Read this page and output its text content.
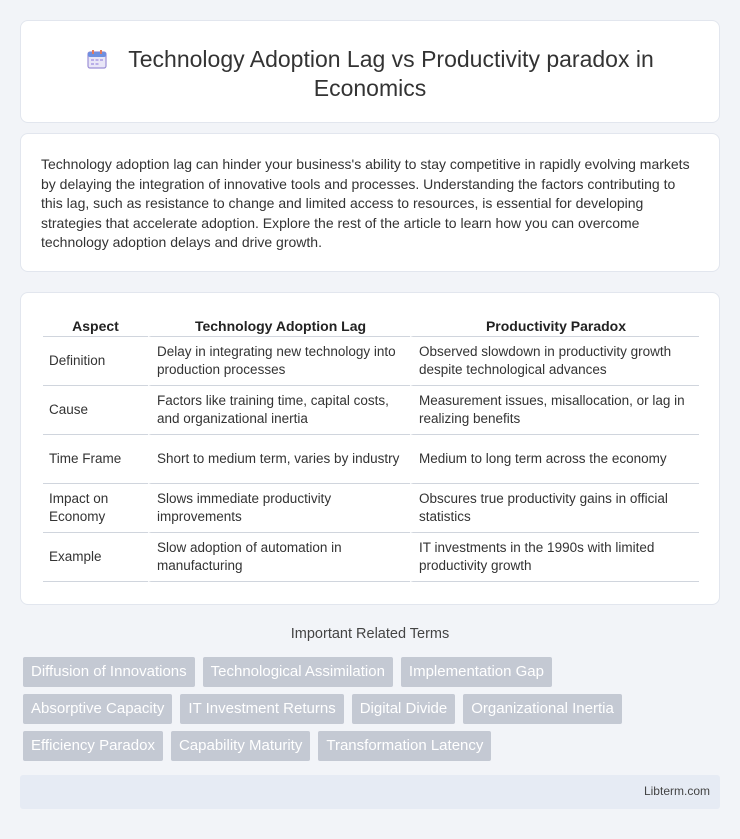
Technology Adoption Lag vs Productivity paradox in Economics

Technology adoption lag can hinder your business's ability to stay competitive in rapidly evolving markets by delaying the integration of innovative tools and processes. Understanding the factors contributing to this lag, such as resistance to change and limited access to resources, is essential for developing strategies that accelerate adoption. Explore the rest of the article to learn how you can overcome technology adoption delays and drive growth.

Aspect	Technology Adoption Lag	Productivity Paradox
Definition	Delay in integrating new technology into production processes	Observed slowdown in productivity growth despite technological advances
Cause	Factors like training time, capital costs, and organizational inertia	Measurement issues, misallocation, or lag in realizing benefits
Time Frame	Short to medium term, varies by industry	Medium to long term across the economy
Impact on Economy	Slows immediate productivity improvements	Obscures true productivity gains in official statistics
Example	Slow adoption of automation in manufacturing	IT investments in the 1990s with limited productivity growth
Important Related Terms
Diffusion of Innovations	Technological Assimilation	Implementation Gap
Absorptive Capacity	IT Investment Returns	Digital Divide	Organizational Inertia
Efficiency Paradox	Capability Maturity	Transformation Latency
Libterm.com
